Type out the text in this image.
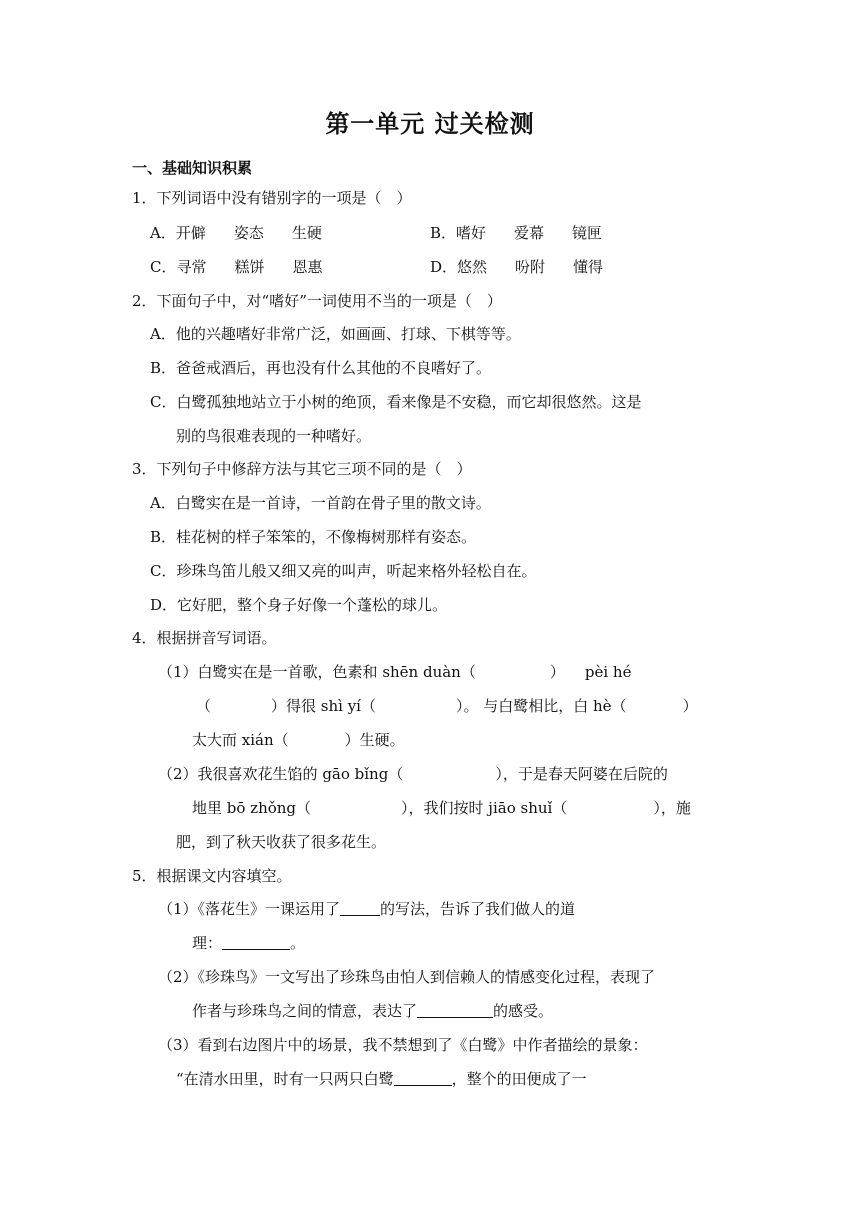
第一单元 过关检测
一、基础知识积累
1．下列词语中没有错别字的一项是（　）
A．开僻 姿态 生硬	B．嗜好 爱幕 镜匣
C．寻常 糕饼 恩惠	D．悠然 吩附 懂得
2．下面句子中，对“嗜好”一词使用不当的一项是（　）
A．他的兴趣嗜好非常广泛，如画画、打球、下棋等等。
B．爸爸戒酒后，再也没有什么其他的不良嗜好了。
C．白鹭孤独地站立于小树的绝顶，看来像是不安稳，而它却很悠然。这是
别的鸟很难表现的一种嗜好。
3．下列句子中修辞方法与其它三项不同的是（　）
A．白鹭实在是一首诗，一首韵在骨子里的散文诗。
B．桂花树的样子笨笨的，不像梅树那样有姿态。
C．珍珠鸟笛儿般又细又亮的叫声，听起来格外轻松自在。
D．它好肥，整个身子好像一个蓬松的球儿。
4．根据拼音写词语。
（1）白鹭实在是一首歌，色素和 shēn duàn（	） pèi hé
（	）得很 shì yí（	）。 与白鹭相比，白 hè（	）
太大而 xián（	）生硬。
（2）我很喜欢花生馅的 gāo bǐng（	），于是春天阿婆在后院的
地里 bō zhǒng（	），我们按时 jiāo shuǐ（	），施
肥，到了秋天收获了很多花生。
5．根据课文内容填空。
（1）《落花生》一课运用了	的写法，告诉了我们做人的道
理：	。
（2）《珍珠鸟》一文写出了珍珠鸟由怕人到信赖人的情感变化过程，表现了
作者与珍珠鸟之间的情意，表达了	的感受。
（3）看到右边图片中的场景，我不禁想到了《白鹭》中作者描绘的景象：
“在清水田里，时有一只两只白鹭	，整个的田便成了一
